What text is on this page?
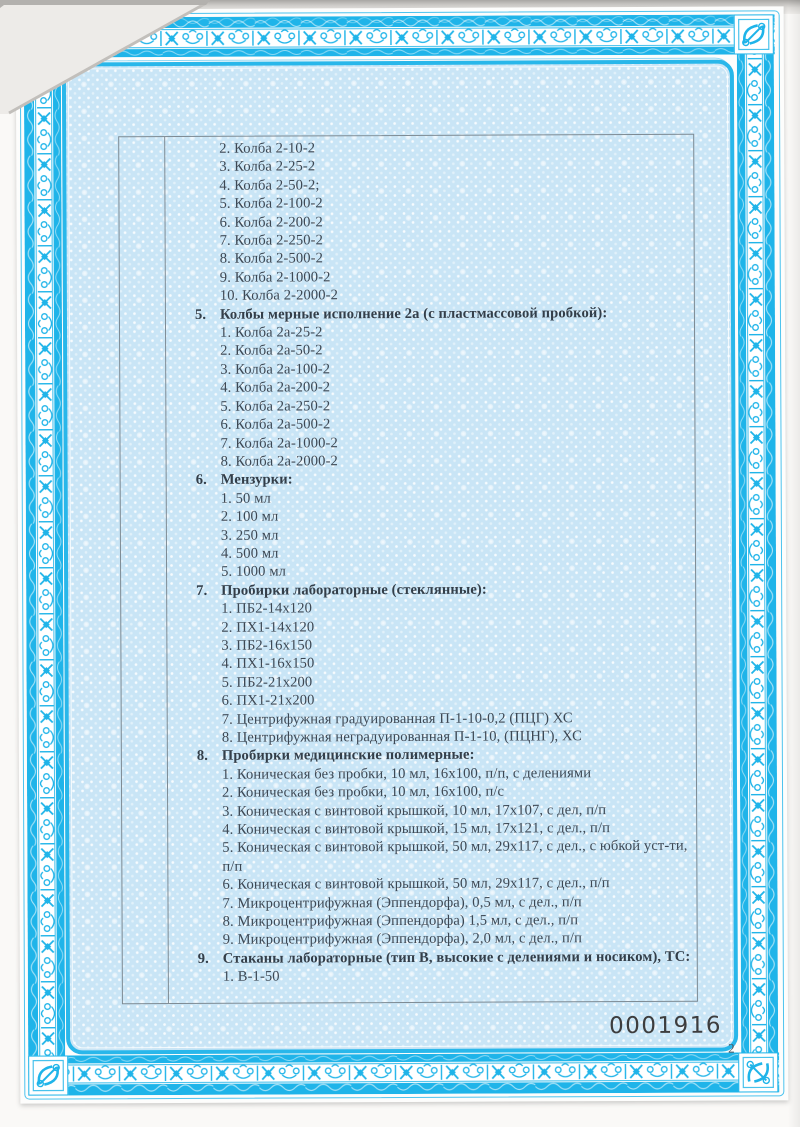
2. Колба 2-10-2
3. Колба 2-25-2
4. Колба 2-50-2;
5. Колба 2-100-2
6. Колба 2-200-2
7. Колба 2-250-2
8. Колба 2-500-2
9. Колба 2-1000-2
10. Колба 2-2000-2
5. Колбы мерные исполнение 2а (с пластмассовой пробкой):
1. Колба 2а-25-2
2. Колба 2а-50-2
3. Колба 2а-100-2
4. Колба 2а-200-2
5. Колба 2а-250-2
6. Колба 2а-500-2
7. Колба 2а-1000-2
8. Колба 2а-2000-2
6. Мензурки:
1. 50 мл
2. 100 мл
3. 250 мл
4. 500 мл
5. 1000 мл
7. Пробирки лабораторные (стеклянные):
1. ПБ2-14х120
2. ПХ1-14х120
3. ПБ2-16х150
4. ПХ1-16х150
5. ПБ2-21х200
6. ПХ1-21х200
7. Центрифужная градуированная П-1-10-0,2 (ПЦГ) ХС
8. Центрифужная неградуированная П-1-10, (ПЦНГ), ХС
8. Пробирки медицинские полимерные:
1. Коническая без пробки, 10 мл, 16х100, п/п, с делениями
2. Коническая без пробки, 10 мл, 16х100, п/с
3. Коническая с винтовой крышкой, 10 мл, 17х107, с дел, п/п
4. Коническая с винтовой крышкой, 15 мл, 17х121, с дел., п/п
5. Коническая с винтовой крышкой, 50 мл, 29х117, с дел., с юбкой уст-ти, п/п
6. Коническая с винтовой крышкой, 50 мл, 29х117, с дел., п/п
7. Микроцентрифужная (Эппендорфа), 0,5 мл, с дел., п/п
8. Микроцентрифужная (Эппендорфа) 1,5 мл, с дел., п/п
9. Микроцентрифужная (Эппендорфа), 2,0 мл, с дел., п/п
9. Стаканы лабораторные (тип В, высокие с делениями и носиком), ТС:
1. В-1-50
0001916
2
